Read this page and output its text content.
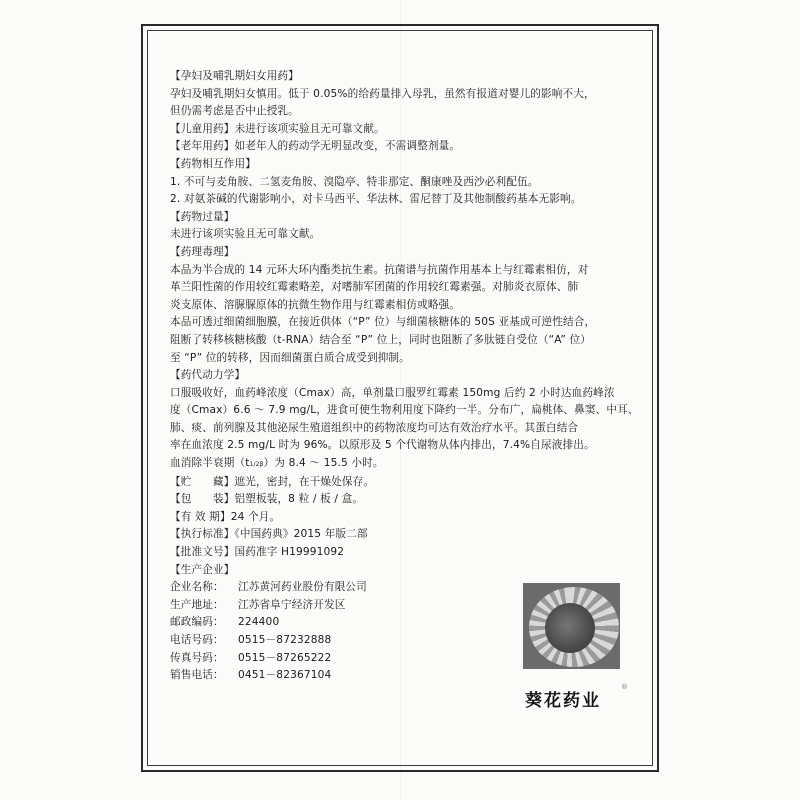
【孕妇及哺乳期妇女用药】
孕妇及哺乳期妇女慎用。低于 0.05%的给药量排入母乳，虽然有报道对婴儿的影响不大，
但仍需考虑是否中止授乳。
【儿童用药】未进行该项实验且无可靠文献。
【老年用药】如老年人的药动学无明显改变，不需调整剂量。
【药物相互作用】
1. 不可与麦角胺、二氢麦角胺、溴隐亭、特非那定、酮康唑及西沙必利配伍。
2. 对氨茶碱的代谢影响小，对卡马西平、华法林、雷尼替丁及其他制酸药基本无影响。
【药物过量】
未进行该项实验且无可靠文献。
【药理毒理】
本品为半合成的 14 元环大环内酯类抗生素。抗菌谱与抗菌作用基本上与红霉素相仿，对
革兰阳性菌的作用较红霉素略差，对嗜肺军团菌的作用较红霉素强。对肺炎衣原体、肺
炎支原体、溶脲脲原体的抗微生物作用与红霉素相仿或略强。
本品可透过细菌细胞膜，在接近供体（“P” 位）与细菌核糖体的 50S 亚基成可逆性结合，
阻断了转移核糖核酸（t-RNA）结合至 “P” 位上，同时也阻断了多肽链自受位（“A” 位）
至 “P” 位的转移，因而细菌蛋白质合成受到抑制。
【药代动力学】
口服吸收好，血药峰浓度（Cmax）高，单剂量口服罗红霉素 150mg 后约 2 小时达血药峰浓
度（Cmax）6.6 ～ 7.9 mg/L，进食可使生物利用度下降约一半。分布广，扁桃体、鼻窦、中耳、
肺、痰、前列腺及其他泌尿生殖道组织中的药物浓度均可达有效治疗水平。其蛋白结合
率在血浓度 2.5 mg/L 时为 96%。以原形及 5 个代谢物从体内排出，7.4%自尿液排出。
血消除半衰期（t1/2β）为 8.4 ～ 15.5 小时。
【贮　　藏】遮光，密封，在干燥处保存。
【包　　装】铝塑板装，8 粒 / 板 / 盒。
【有 效 期】24 个月。
【执行标准】《中国药典》2015 年版二部
【批准文号】国药准字 H19991092
【生产企业】
企业名称：	江苏黄河药业股份有限公司
生产地址：	江苏省阜宁经济开发区
邮政编码：	224400
电话号码：	0515－87232888
传真号码：	0515－87265222
销售电话：	0451－82367104
葵花药业
®
